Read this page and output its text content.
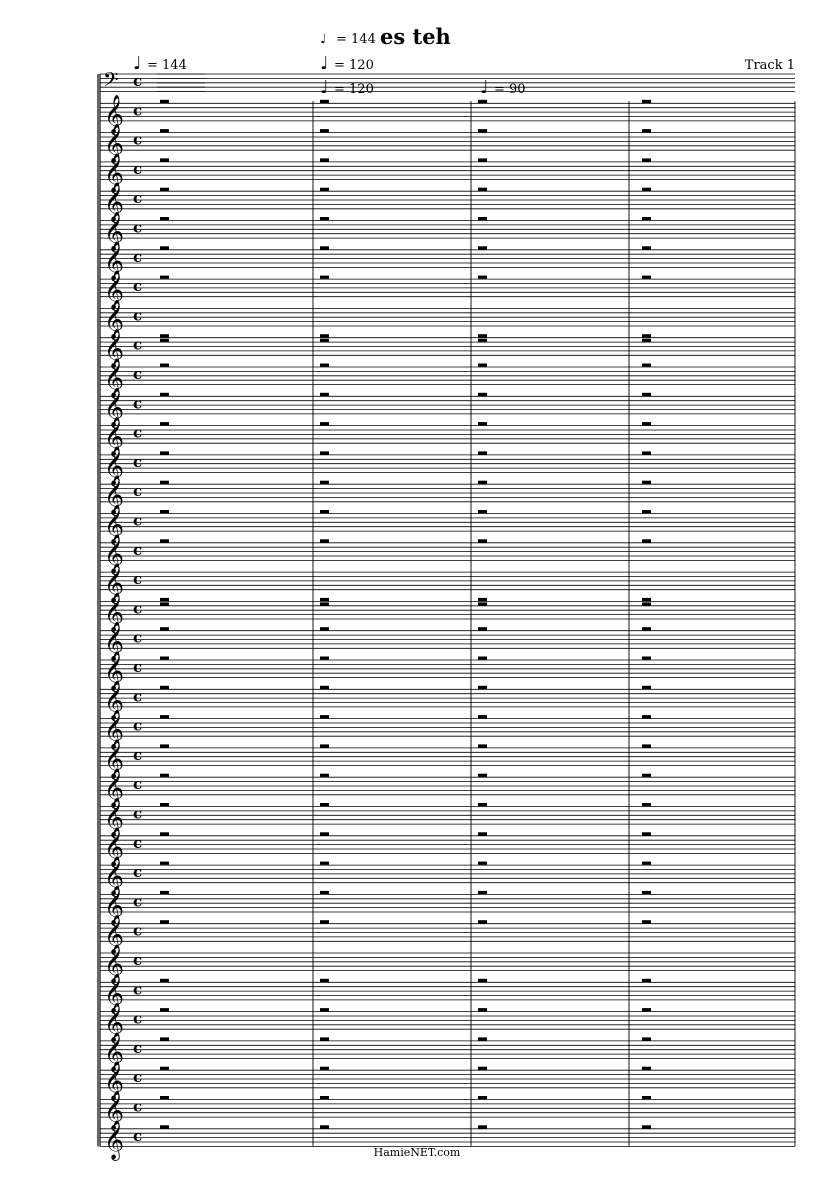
♩ = 144 es teh
Track 1
♩ = 144	♩ = 120
♩ = 120	♩ = 90
𝄢 c
𝄞 c
𝄞 c
𝄞 c
𝄞 c
𝄞 c
𝄞 c
𝄞 c
𝄞 c
𝄞 c
𝄞 c
𝄞 c
𝄞 c
𝄞 c
𝄞 c
𝄞 c
𝄞 c
𝄞 c
𝄞 c
𝄞 c
𝄞 c
𝄞 c
𝄞 c
𝄞 c
𝄞 c
𝄞 c
𝄞 c
𝄞 c
𝄞 c
𝄞 c
𝄞 c
𝄞 c
𝄞 c
𝄞 c
𝄞 c
𝄞 c
𝄞 c
HamieNET.com
